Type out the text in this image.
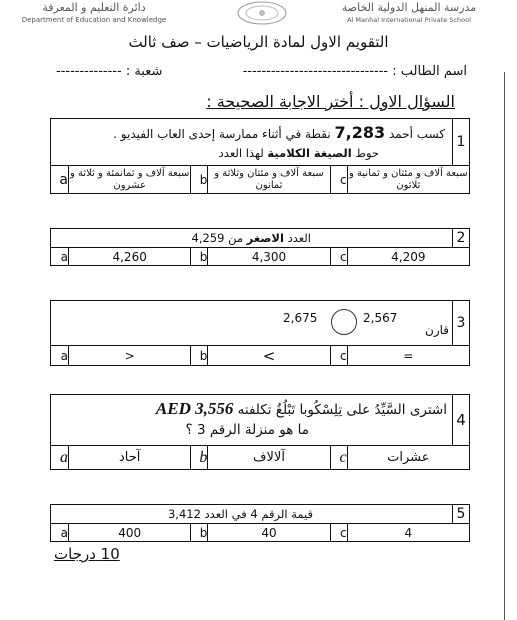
دائرة التعليم و المعرفة
Department of Education and Knowledge
مدرسة المنهل الدولية الخاصة
Al Manhal International Private School
التقويم الاول لمادة الرياضيات – صف ثالث
اسم الطالب : -------------------------------
شعبة : --------------
السؤال الاول : أختر الاجابة الصحيحة :
1
كسب أحمد 7,283 نقطة في أثناء ممارسة إحدى العاب الفيديو .
حوط الصيغة الكلامية لهذا العدد
a سبعة آلاف و ثمانمئة و ثلاثة و عشرون	b سبعة آلاف و مئتان وثلاثة و ثمانون	c سبعة آلاف و مئتان و ثمانية و ثلاثون
2
العدد الاصغر من 4,259
a	4,260	b	4,300	c	4,209
3
قارن
2,675	2,567
a	<	b	>	c	=
4
اشترى السَّيِّدُ على تِلِسْكُوبا تَبْلُغُ تكلفته AED 3,556
ما هو منزلة الرقم 3 ؟
a	آحاد	b	آلالاف	c	عشرات
5
قيمة الرقم 4 في العدد 3,412
a	400	b	40	c	4
10 درجات
